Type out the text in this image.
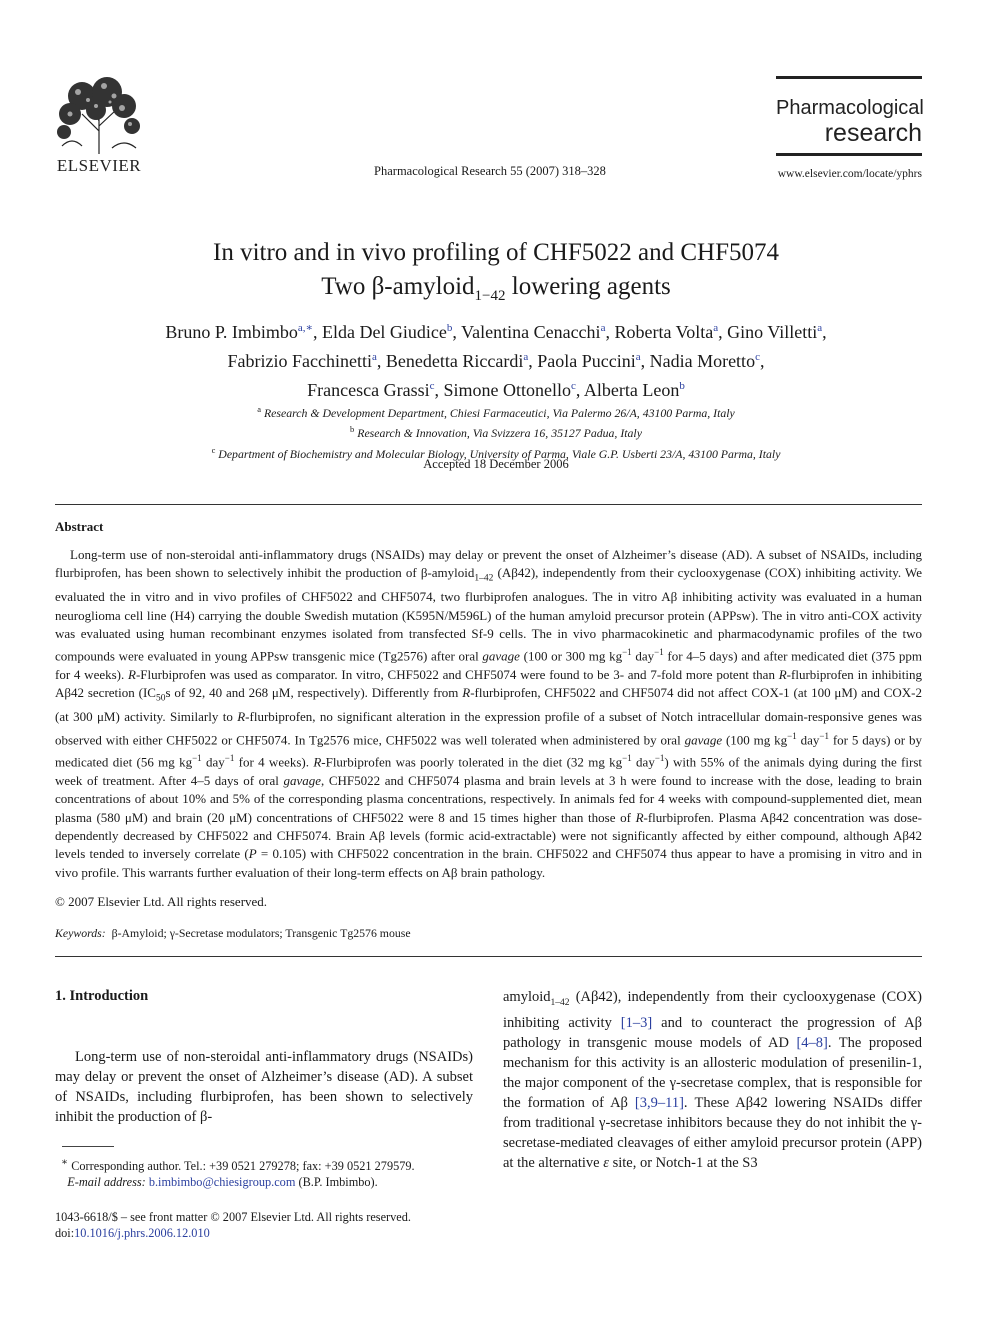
ELSEVIER	Pharmacological Research 55 (2007) 318–328
Pharmacological
research
www.elsevier.com/locate/yphrs
In vitro and in vivo profiling of CHF5022 and CHF5074
Two β-amyloid$_{1-42}$ lowering agents
Bruno P. Imbimbo$^{a,∗}$, Elda Del Giudice$^b$, Valentina Cenacchi$^a$, Roberta Volta$^a$, Gino Villetti$^a$,
Fabrizio Facchinetti$^a$, Benedetta Riccardi$^a$, Paola Puccini$^a$, Nadia Moretto$^c$,
Francesca Grassi$^c$, Simone Ottonello$^c$, Alberta Leon$^b$
$^a$ Research & Development Department, Chiesi Farmaceutici, Via Palermo 26/A, 43100 Parma, Italy
$^b$ Research & Innovation, Via Svizzera 16, 35127 Padua, Italy
$^c$ Department of Biochemistry and Molecular Biology, University of Parma, Viale G.P. Usberti 23/A, 43100 Parma, Italy
Accepted 18 December 2006
Abstract

Long-term use of non-steroidal anti-inflammatory drugs (NSAIDs) may delay or prevent the onset of Alzheimer’s disease (AD). A subset of NSAIDs, including flurbiprofen, has been shown to selectively inhibit the production of β-amyloid$_{1-42}$ (Aβ42), independently from their cyclooxygenase (COX) inhibiting activity. We evaluated the in vitro and in vivo profiles of CHF5022 and CHF5074, two flurbiprofen analogues. The in vitro Aβ inhibiting activity was evaluated in a human neuroglioma cell line (H4) carrying the double Swedish mutation (K595N/M596L) of the human amyloid precursor protein (APPsw). The in vitro anti-COX activity was evaluated using human recombinant enzymes isolated from transfected Sf-9 cells. The in vivo pharmacokinetic and pharmacodynamic profiles of the two compounds were evaluated in young APPsw transgenic mice (Tg2576) after oral gavage (100 or 300 mg $kg^{-1}$ day$^{-1}$ for 4–5 days) and after medicated diet (375 ppm for 4 weeks). R-Flurbiprofen was used as comparator. In vitro, CHF5022 and CHF5074 were found to be 3- and 7-fold more potent than R-flurbiprofen in inhibiting Aβ42 secretion ($IC_{50}s$ of 92, 40 and 268 μM, respectively). Differently from R-flurbiprofen, CHF5022 and CHF5074 did not affect COX-1 (at 100 μM) and COX-2 (at 300 μM) activity. Similarly to R-flurbiprofen, no significant alteration in the expression profile of a subset of Notch intracellular domain-responsive genes was observed with either CHF5022 or CHF5074. In Tg2576 mice, CHF5022 was well tolerated when administered by oral gavage (100 mg $kg^{-1}$ day$^{-1}$ for 5 days) or by medicated diet (56 mg $kg^{-1}$ day$^{-1}$ for 4 weeks). R-Flurbiprofen was poorly tolerated in the diet (32 mg $kg^{-1}$ day$^{-1}$) with 55% of the animals dying during the first week of treatment. After 4–5 days of oral gavage, CHF5022 and CHF5074 plasma and brain levels at 3 h were found to increase with the dose, leading to brain concentrations of about 10% and 5% of the corresponding plasma concentrations, respectively. In animals fed for 4 weeks with compound-supplemented diet, mean plasma (580 μM) and brain (20 μM) concentrations of CHF5022 were 8 and 15 times higher than those of R-flurbiprofen. Plasma Aβ42 concentration was dose-dependently decreased by CHF5022 and CHF5074. Brain Aβ levels (formic acid-extractable) were not significantly affected by either compound, although Aβ42 levels tended to inversely correlate (P = 0.105) with CHF5022 concentration in the brain. CHF5022 and CHF5074 thus appear to have a promising in vitro and in vivo profile. This warrants further evaluation of their long-term effects on Aβ brain pathology.

© 2007 Elsevier Ltd. All rights reserved.
Keywords: β-Amyloid; γ-Secretase modulators; Transgenic Tg2576 mouse
1. Introduction

Long-term use of non-steroidal anti-inflammatory drugs (NSAIDs) may delay or prevent the onset of Alzheimer’s disease (AD). A subset of NSAIDs, including flurbiprofen, has been shown to selectively inhibit the production of β-

amyloid$_{1-42}$ (Aβ42), independently from their cyclooxygenase (COX) inhibiting activity [1–3] and to counteract the progression of Aβ pathology in transgenic mouse models of AD [4–8]. The proposed mechanism for this activity is an allosteric modulation of presenilin-1, the major component of the γ-secretase complex, that is responsible for the formation of Aβ [3,9–11]. These Aβ42 lowering NSAIDs differ from traditional γ-secretase inhibitors because they do not inhibit the γ-secretase-mediated cleavages of either amyloid precursor protein (APP) at the alternative ε site, or Notch-1 at the S3

∗ Corresponding author. Tel.: +39 0521 279278; fax: +39 0521 279579.
E-mail address: b.imbimbo@chiesigroup.com (B.P. Imbimbo).
1043-6618/$ – see front matter © 2007 Elsevier Ltd. All rights reserved.
doi:10.1016/j.phrs.2006.12.010
